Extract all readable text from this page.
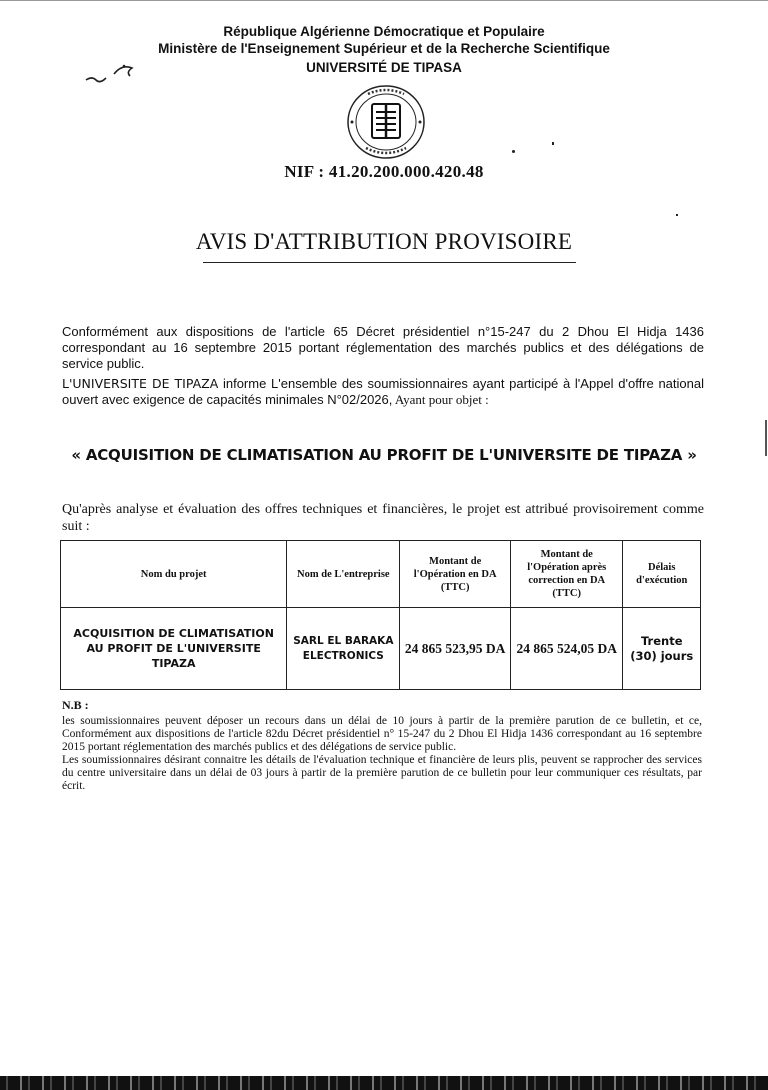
République Algérienne Démocratique et Populaire
Ministère de l'Enseignement Supérieur et de la Recherche Scientifique
UNIVERSITÉ DE TIPASA
NIF : 41.20.200.000.420.48
AVIS D'ATTRIBUTION PROVISOIRE
Conformément aux dispositions de l'article 65 Décret présidentiel n°15-247 du 2 Dhou El Hidja 1436 correspondant au 16 septembre 2015 portant réglementation des marchés publics et des délégations de service public.
L'UNIVERSITE DE TIPAZA informe L'ensemble des soumissionnaires ayant participé à l'Appel d'offre national ouvert avec exigence de capacités minimales N°02/2026, Ayant pour objet :
« ACQUISITION DE CLIMATISATION AU PROFIT DE L'UNIVERSITE DE TIPAZA »
Qu'après analyse et évaluation des offres techniques et financières, le projet est attribué provisoirement comme suit :
Nom du projet	Nom de L'entreprise	Montant de l'Opération en DA (TTC)	Montant de l'Opération après correction en DA (TTC)	Délais d'exécution
ACQUISITION DE CLIMATISATION AU PROFIT DE L'UNIVERSITE TIPAZA	SARL EL BARAKA ELECTRONICS	24 865 523,95 DA	24 865 524,05 DA	Trente (30) jours
N.B :

les soumissionnaires peuvent déposer un recours dans un délai de 10 jours à partir de la première parution de ce bulletin, et ce, Conformément aux dispositions de l'article 82du Décret présidentiel n° 15-247 du 2 Dhou El Hidja 1436 correspondant au 16 septembre 2015 portant réglementation des marchés publics et des délégations de service public.

Les soumissionnaires désirant connaitre les détails de l'évaluation technique et financière de leurs plis, peuvent se rapprocher des services du centre universitaire dans un délai de 03 jours à partir de la première parution de ce bulletin pour leur communiquer ces résultats, par écrit.
